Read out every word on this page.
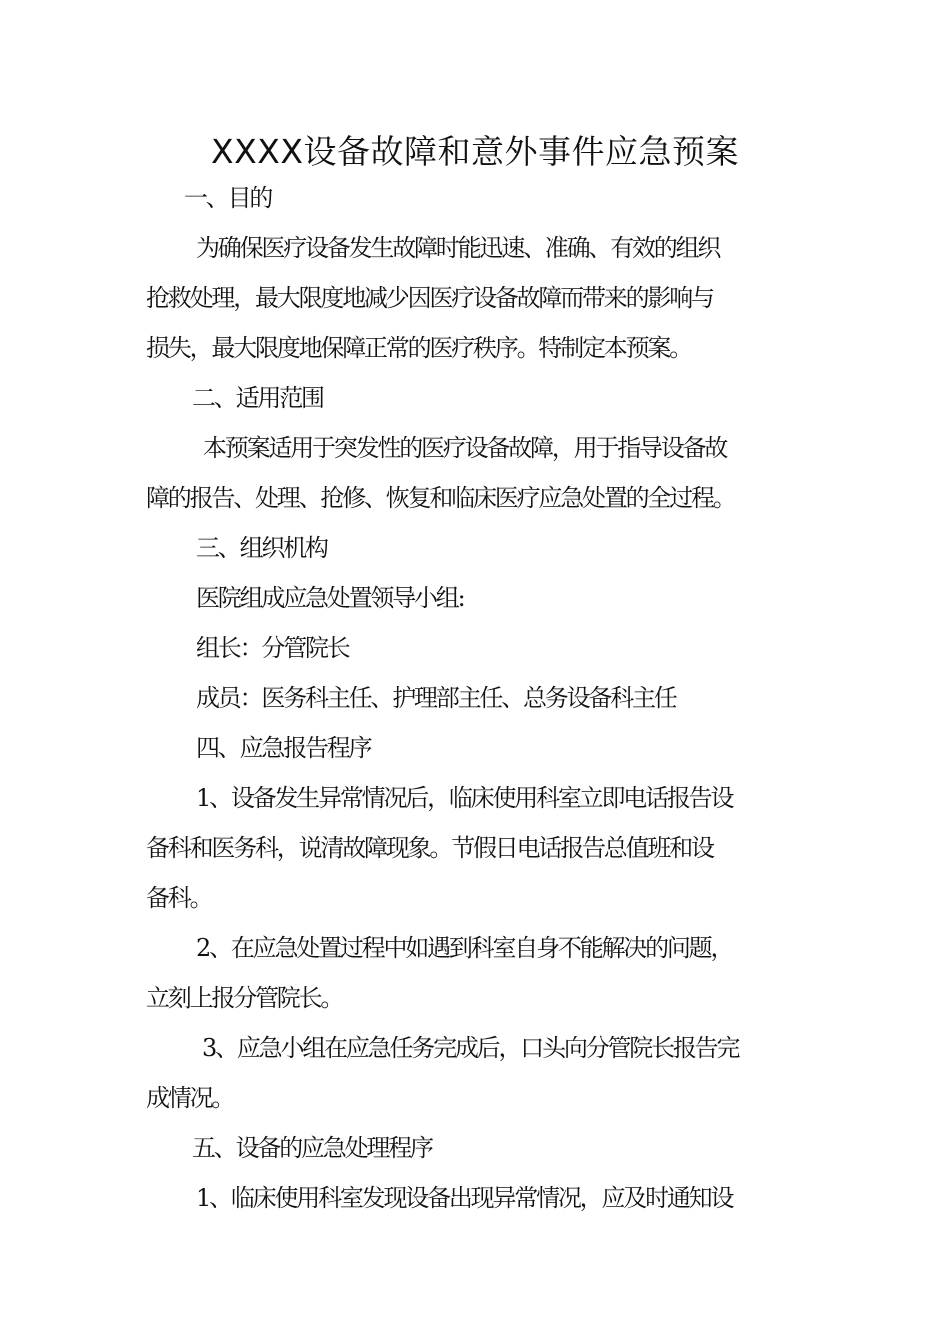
XXXX设备故障和意外事件应急预案
一、目的
为确保医疗设备发生故障时能迅速、准确、有效的组织
抢救处理，最大限度地减少因医疗设备故障而带来的影响与
损失，最大限度地保障正常的医疗秩序。特制定本预案。
二、适用范围
本预案适用于突发性的医疗设备故障，用于指导设备故
障的报告、处理、抢修、恢复和临床医疗应急处置的全过程。
三、组织机构
医院组成应急处置领导小组:
组长：分管院长
成员：医务科主任、护理部主任、总务设备科主任
四、应急报告程序
1、设备发生异常情况后，临床使用科室立即电话报告设
备科和医务科，说清故障现象。节假日电话报告总值班和设
备科。
2、在应急处置过程中如遇到科室自身不能解决的问题，
立刻上报分管院长。
3、应急小组在应急任务完成后，口头向分管院长报告完
成情况。
五、设备的应急处理程序
1、临床使用科室发现设备出现异常情况，应及时通知设
